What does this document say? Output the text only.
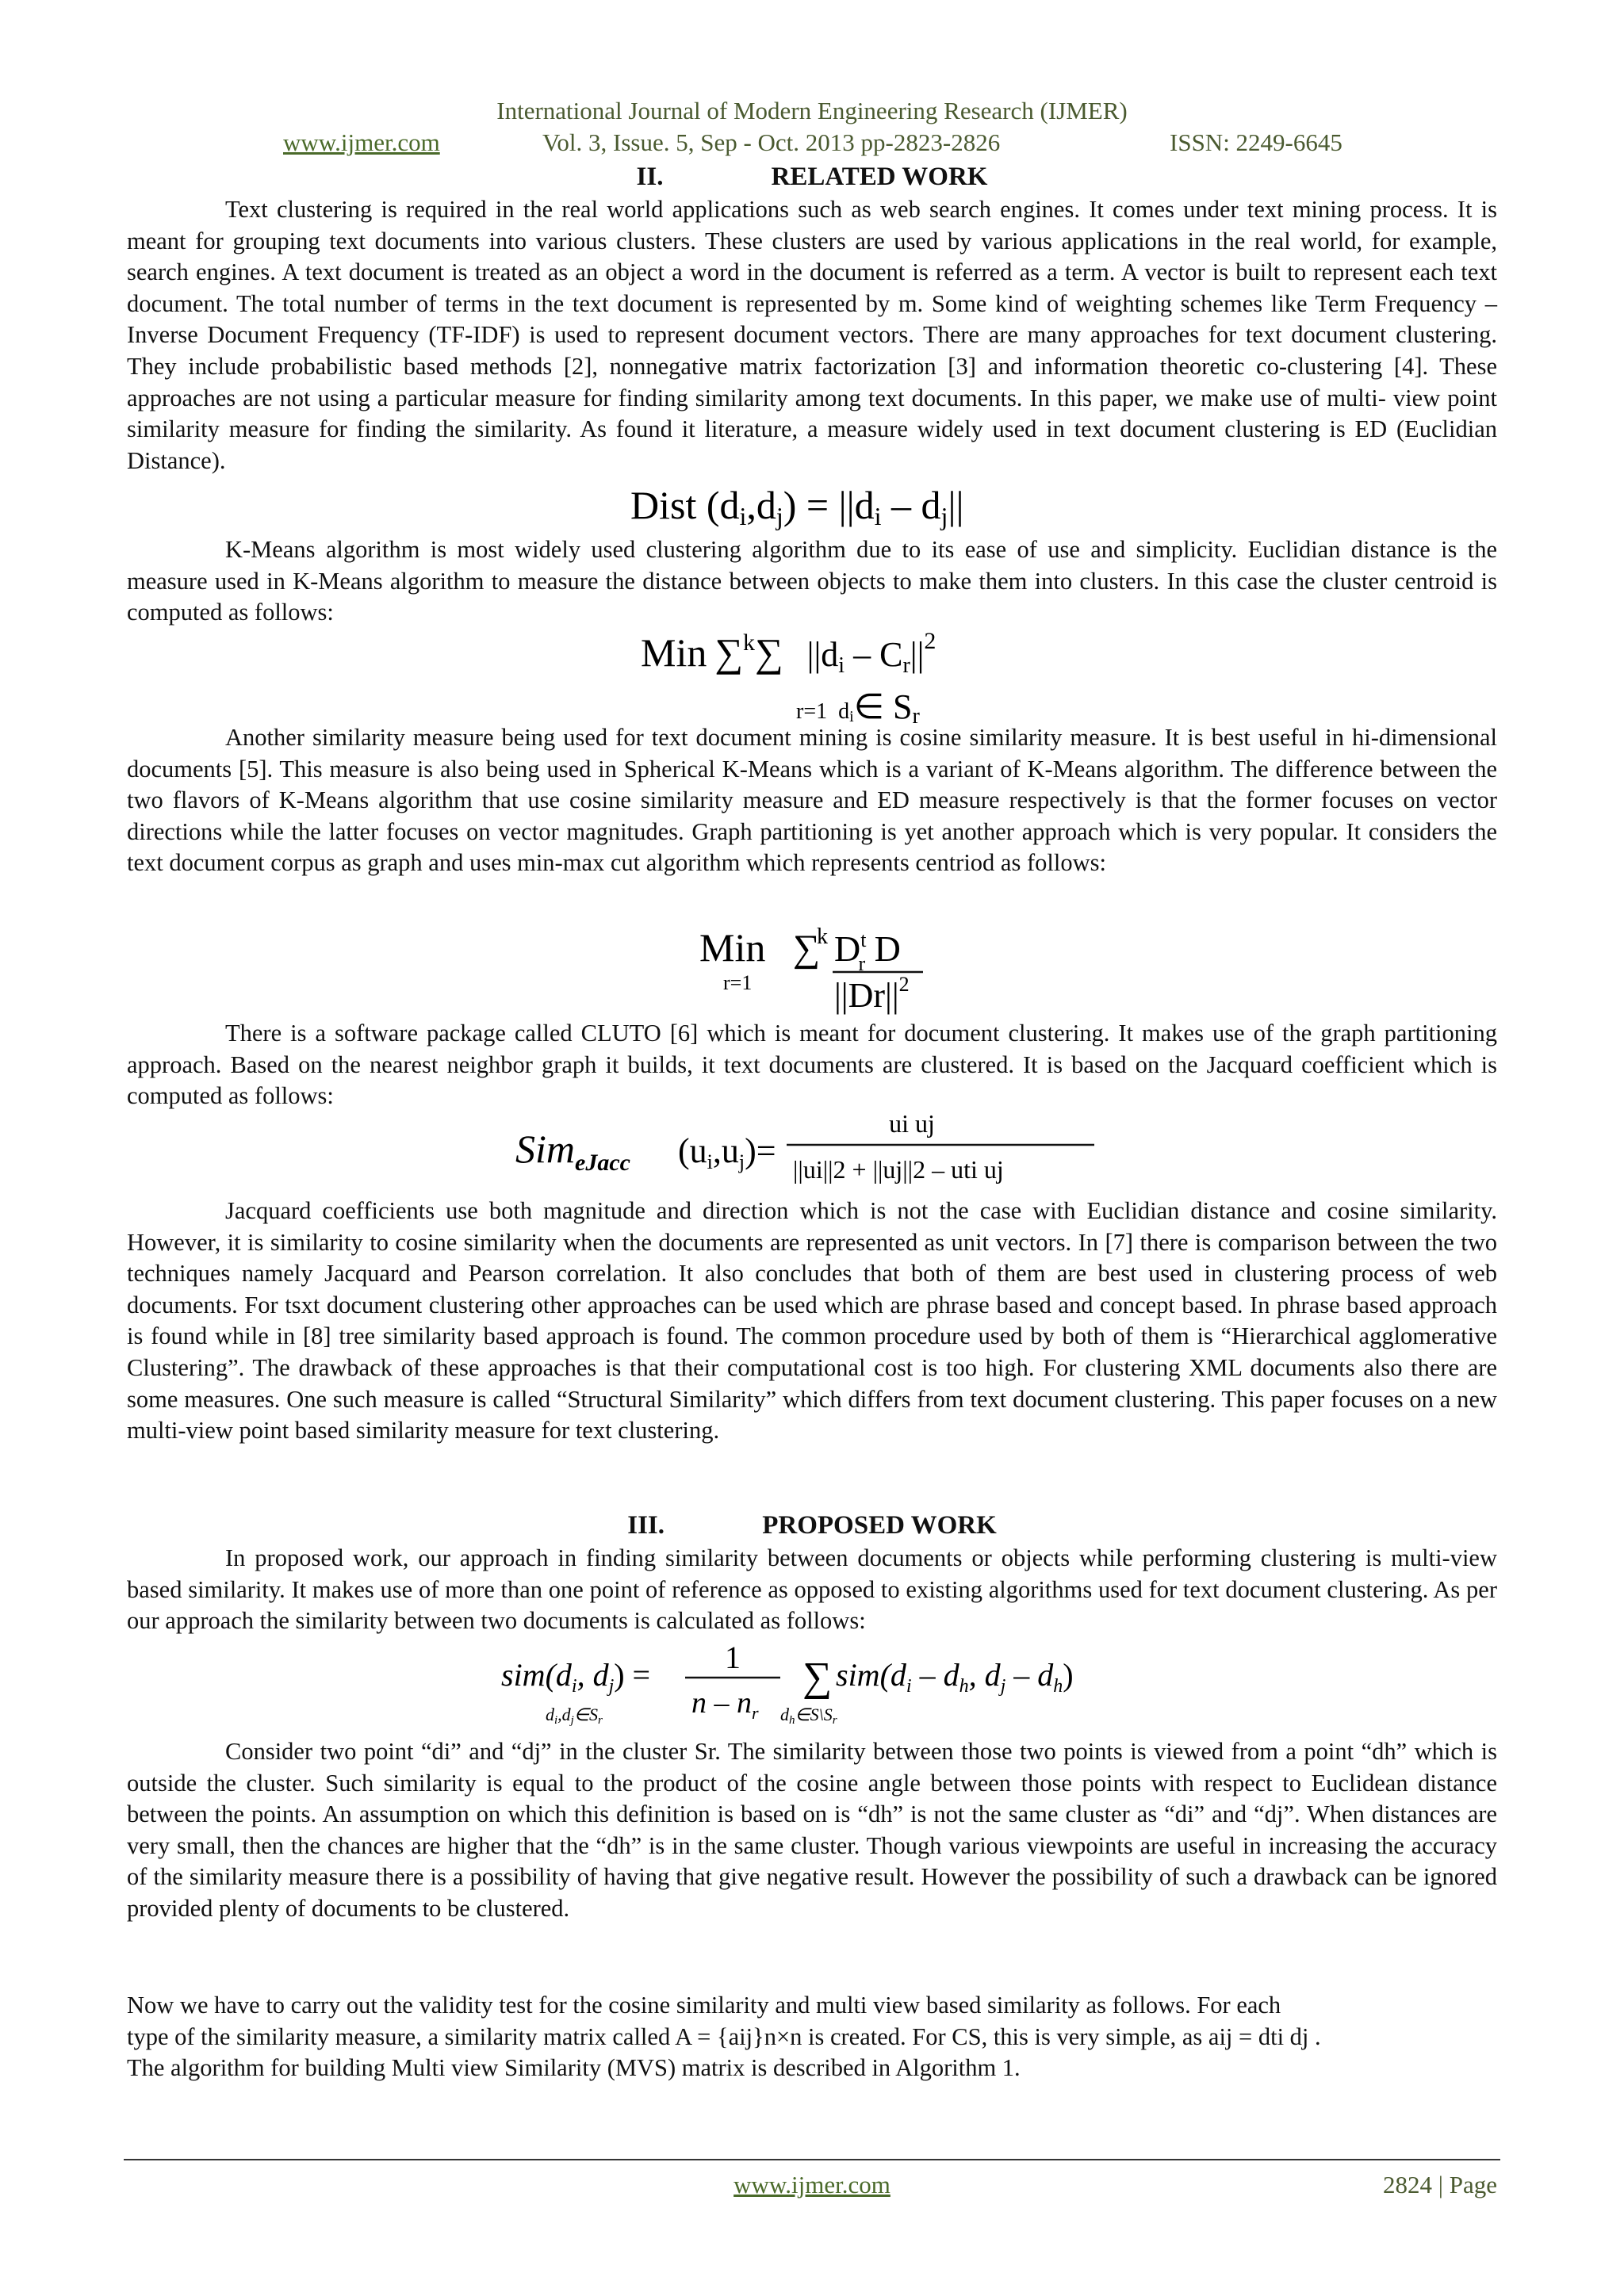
International Journal of Modern Engineering Research (IJMER)
www.ijmer.com	Vol. 3, Issue. 5, Sep - Oct. 2013 pp-2823-2826	ISSN: 2249-6645
II.	RELATED WORK

Text clustering is required in the real world applications such as web search engines. It comes under text mining process. It is meant for grouping text documents into various clusters. These clusters are used by various applications in the real world, for example, search engines. A text document is treated as an object a word in the document is referred as a term. A vector is built to represent each text document. The total number of terms in the text document is represented by m. Some kind of weighting schemes like Term Frequency – Inverse Document Frequency (TF-IDF) is used to represent document vectors. There are many approaches for text document clustering. They include probabilistic based methods [2], nonnegative matrix factorization [3] and information theoretic co-clustering [4]. These approaches are not using a particular measure for finding similarity among text documents. In this paper, we make use of multi- view point similarity measure for finding the similarity. As found it literature, a measure widely used in text document clustering is ED (Euclidian Distance).

Dist (di,dj) = ||di – dj||

K-Means algorithm is most widely used clustering algorithm due to its ease of use and simplicity. Euclidian distance is the measure used in K-Means algorithm to measure the distance between objects to make them into clusters. In this case the cluster centroid is computed as follows:

Min ∑$^k$∑ $||di - Cr||^2$
r=1 di∈ Sr

Another similarity measure being used for text document mining is cosine similarity measure. It is best useful in hi-dimensional documents [5]. This measure is also being used in Spherical K-Means which is a variant of K-Means algorithm. The difference between the two flavors of K-Means algorithm that use cosine similarity measure and ED measure respectively is that the former focuses on vector directions while the latter focuses on vector magnitudes. Graph partitioning is yet another approach which is very popular. It considers the text document corpus as graph and uses min-max cut algorithm which represents centriod as follows:

Min ∑
k
r=1
$D^t$ r D
$||Dr||^2$

There is a software package called CLUTO [6] which is meant for document clustering. It makes use of the graph partitioning approach. Based on the nearest neighbor graph it builds, it text documents are clustered. It is based on the Jacquard coefficient which is computed as follows:

Sim$_{eJacc}$ (ui,uj)=
ui uj
||ui||2 + ||uj||2 – uti uj

Jacquard coefficients use both magnitude and direction which is not the case with Euclidian distance and cosine similarity. However, it is similarity to cosine similarity when the documents are represented as unit vectors. In [7] there is comparison between the two techniques namely Jacquard and Pearson correlation. It also concludes that both of them are best used in clustering process of web documents. For tsxt document clustering other approaches can be used which are phrase based and concept based. In phrase based approach is found while in [8] tree similarity based approach is found. The common procedure used by both of them is “Hierarchical agglomerative Clustering”. The drawback of these approaches is that their computational cost is too high. For clustering XML documents also there are some measures. One such measure is called “Structural Similarity” which differs from text document clustering. This paper focuses on a new multi-view point based similarity measure for text clustering.

III.	PROPOSED WORK

In proposed work, our approach in finding similarity between documents or objects while performing clustering is multi-view based similarity. It makes use of more than one point of reference as opposed to existing algorithms used for text document clustering. As per our approach the similarity between two documents is calculated as follows:

$sim(d_i$, $d_j$) =
di,dj∈Sr
1
n – $n_r$
∑
dh∈S\Sr
$sim(d_i - d_h$, $d_j - d_h$)

Consider two point “di” and “dj” in the cluster Sr. The similarity between those two points is viewed from a point “dh” which is outside the cluster. Such similarity is equal to the product of the cosine angle between those points with respect to Euclidean distance between the points. An assumption on which this definition is based on is “dh” is not the same cluster as “di” and “dj”. When distances are very small, then the chances are higher that the “dh” is in the same cluster. Though various viewpoints are useful in increasing the accuracy of the similarity measure there is a possibility of having that give negative result. However the possibility of such a drawback can be ignored provided plenty of documents to be clustered.

Now we have to carry out the validity test for the cosine similarity and multi view based similarity as follows. For each
type of the similarity measure, a similarity matrix called A = {aij}n×n is created. For CS, this is very simple, as aij = dti dj .
The algorithm for building Multi view Similarity (MVS) matrix is described in Algorithm 1.
www.ijmer.com	2824 | Page
